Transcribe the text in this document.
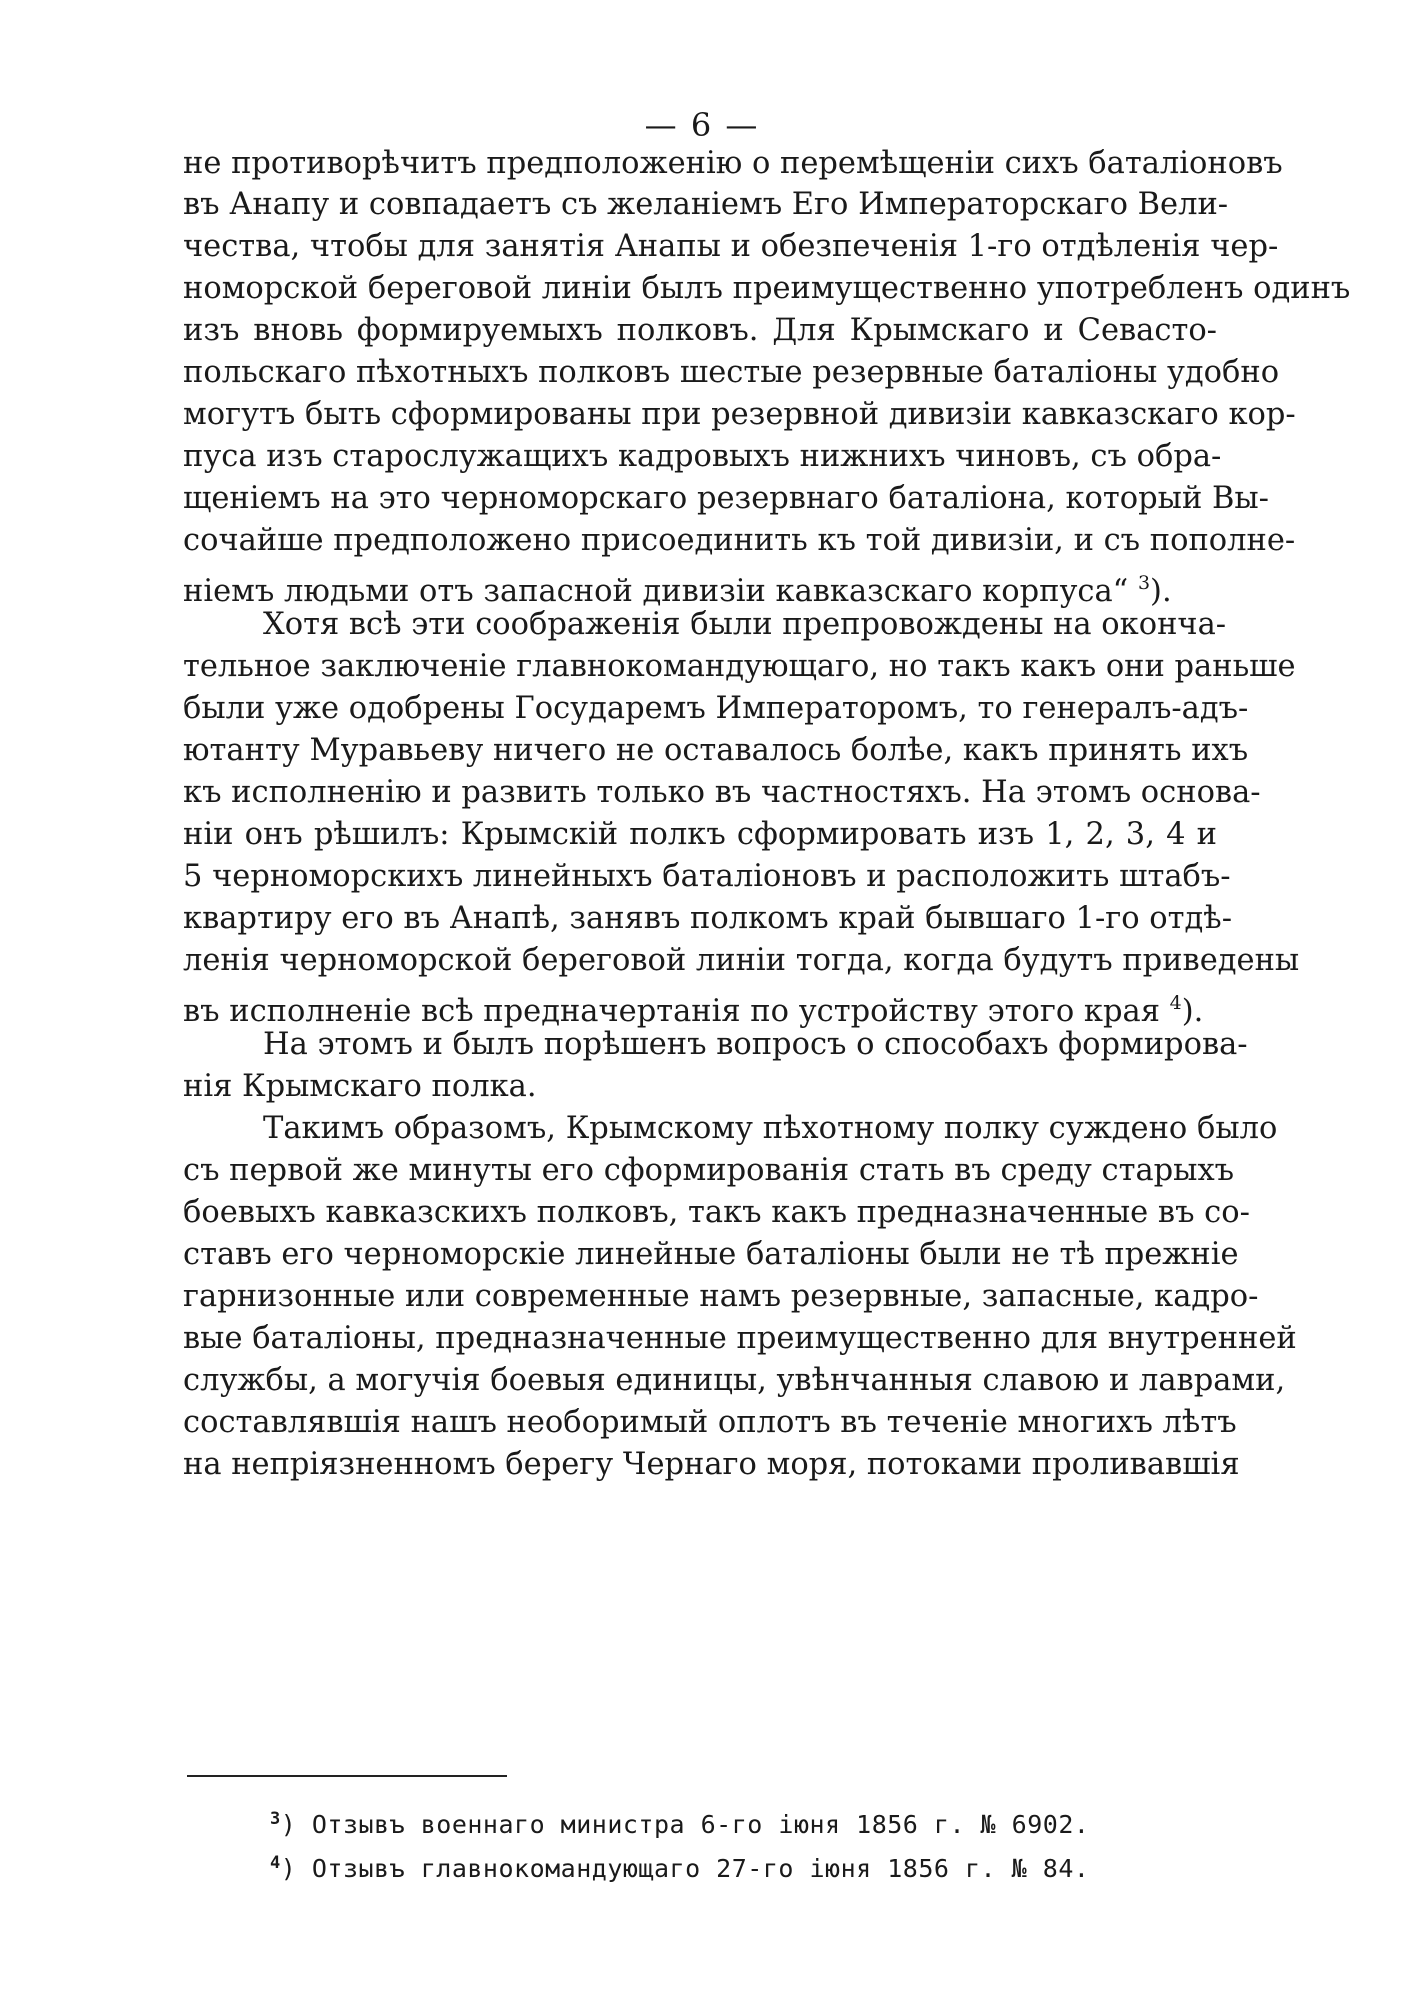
— 6 —
не противорѣчитъ предположенію о перемѣщеніи сихъ баталіоновъ
въ Анапу и совпадаетъ съ желаніемъ Его Императорскаго Вели-
чества, чтобы для занятія Анапы и обезпеченія 1-го отдѣленія чер-
номорской береговой линіи былъ преимущественно употребленъ одинъ
изъ вновь формируемыхъ полковъ. Для Крымскаго и Севасто-
польскаго пѣхотныхъ полковъ шестые резервные баталіоны удобно
могутъ быть сформированы при резервной дивизіи кавказскаго кор-
пуса изъ старослужащихъ кадровыхъ нижнихъ чиновъ, съ обра-
щеніемъ на это черноморскаго резервнаго баталіона, который Вы-
сочайше предположено присоединить къ той дивизіи, и съ пополне-
ніемъ людьми отъ запасной дивизіи кавказскаго корпуса“ $^3$).
Хотя всѣ эти соображенія были препровождены на оконча-
тельное заключеніе главнокомандующаго, но такъ какъ они раньше
были уже одобрены Государемъ Императоромъ, то генералъ-адъ-
ютанту Муравьеву ничего не оставалось болѣе, какъ принять ихъ
къ исполненію и развить только въ частностяхъ. На этомъ основа-
ніи онъ рѣшилъ: Крымскій полкъ сформировать изъ 1, 2, 3, 4 и
5 черноморскихъ линейныхъ баталіоновъ и расположить штабъ-
квартиру его въ Анапѣ, занявъ полкомъ край бывшаго 1-го отдѣ-
ленія черноморской береговой линіи тогда, когда будутъ приведены
въ исполненіе всѣ предначертанія по устройству этого края $^4$).
На этомъ и былъ порѣшенъ вопросъ о способахъ формирова-
нія Крымскаго полка.
Такимъ образомъ, Крымскому пѣхотному полку суждено было
съ первой же минуты его сформированія стать въ среду старыхъ
боевыхъ кавказскихъ полковъ, такъ какъ предназначенные въ со-
ставъ его черноморскіе линейные баталіоны были не тѣ прежніе
гарнизонные или современные намъ резервные, запасные, кадро-
вые баталіоны, предназначенные преимущественно для внутренней
службы, а могучія боевыя единицы, увѣнчанныя славою и лаврами,
составлявшія нашъ необоримый оплотъ въ теченіе многихъ лѣтъ
на непріязненномъ берегу Чернаго моря, потоками проливавшія
$^3$) Отзывъ военнаго министра 6-го іюня 1856 г. № 6902.
$^4$) Отзывъ главнокомандующаго 27-го іюня 1856 г. № 84.
